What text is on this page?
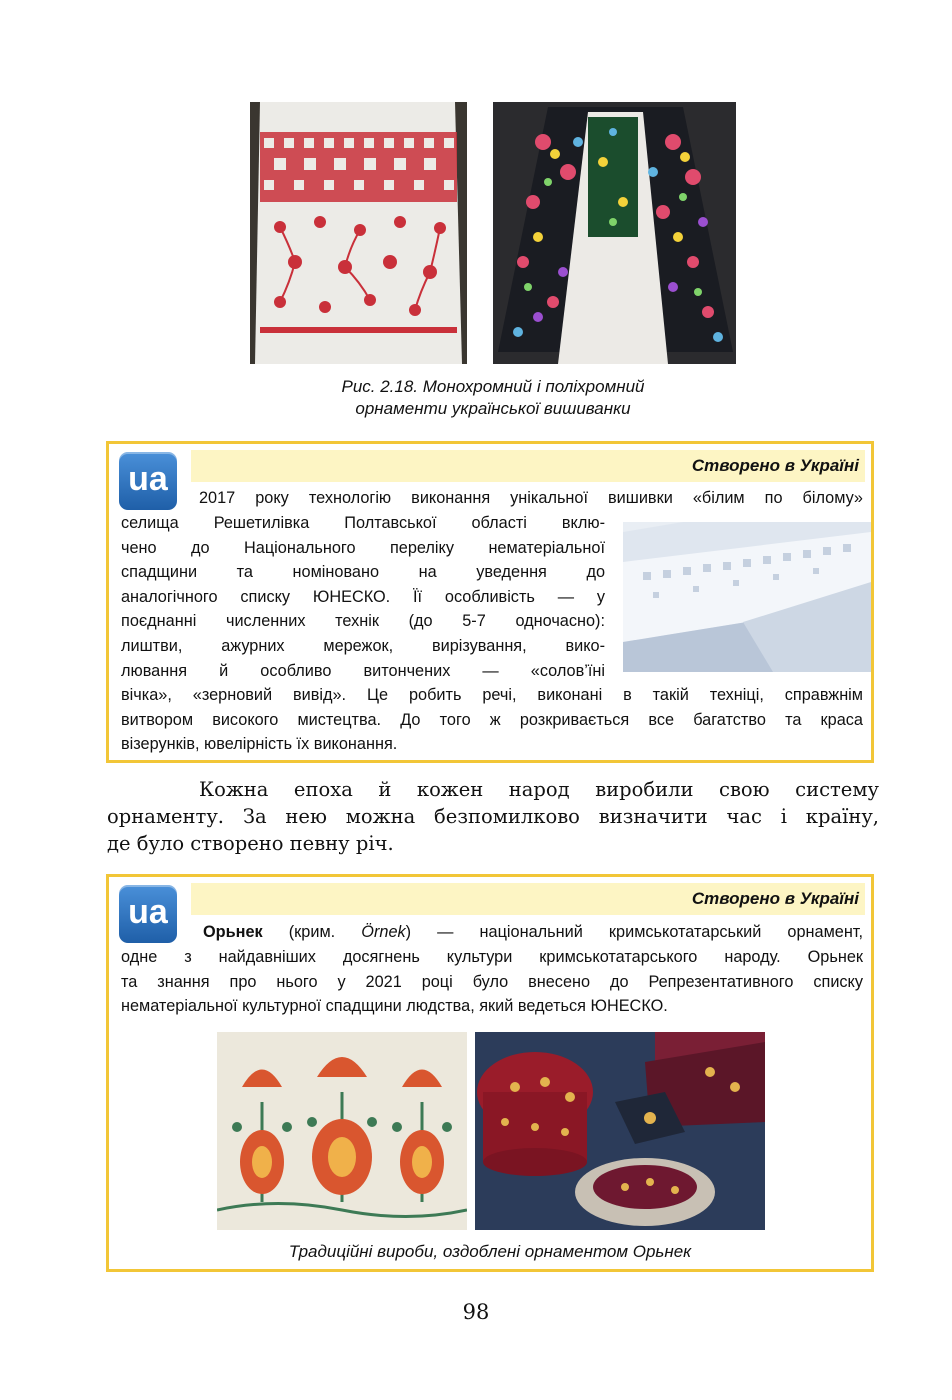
Рис. 2.18. Монохромний і поліхромний
орнаменти української вишиванки
Створено в Україні
ua	2017 року технологію виконання унікальної вишивки «білим по білому»
селища Решетилівка Полтавської області вклю-
чено до Національного переліку нематеріальної
спадщини та номіновано на уведення до
аналогічного списку ЮНЕСКО. Її особливість — у
поєднанні численних технік (до 5-7 одночасно):
лиштви, ажурних мережок, вирізування, вико-
лювання й особливо витончених — «солов’їні
вічка», «зерновий вивід». Це робить речі, виконані в такій техніці, справжнім
витвором високого мистецтва. До того ж розкривається все багатство та краса
візерунків, ювелірність їх виконання.
Кожна епоха й кожен народ виробили свою систему
орнаменту. За нею можна безпомилково визначити час і країну,
де було створено певну річ.
Створено в Україні
ua
Орьнек (крим. Örnek) — національний кримськотатарський орнамент,
одне з найдавніших досягнень культури кримськотатарського народу. Орьнек
та знання про нього у 2021 році було внесено до Репрезентативного списку
нематеріальної культурної спадщини людства, який ведеться ЮНЕСКО.
Традиційні вироби, оздоблені орнаментом Орьнек
98
